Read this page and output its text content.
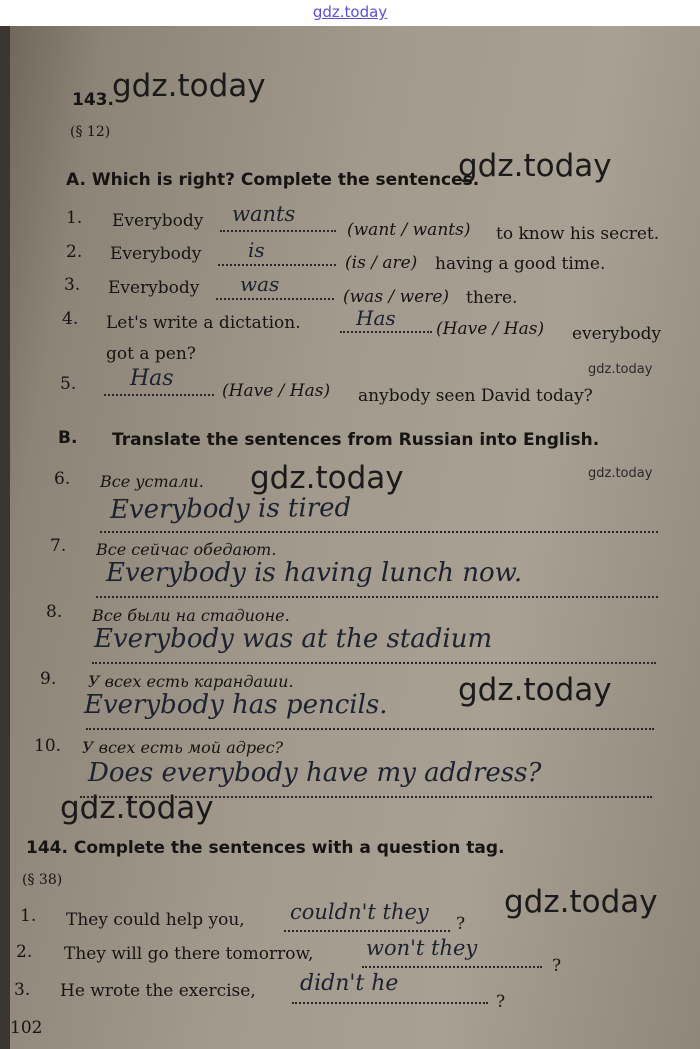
gdz.today
143.
gdz.today
(§ 12)
gdz.today
A. Which is right? Complete the sentences.
1. Everybody wants
(want / wants) to know his secret.
2. Everybody is
(is / are) having a good time.
3. Everybody was
(was / were) there.
4. Let's write a dictation.	Has (Have / Has) everybody
got a pen?
gdz.today
5. Has	(Have / Has) anybody seen David today?
B. Translate the sentences from Russian into English.
gdz.today
6. Все устали. gdz.today
Everybody is tired
7. Все сейчас обедают.
Everybody is having lunch now.
8. Все были на стадионе.
Everybody was at the stadium
9. У всех есть карандаши.	gdz.today
Everybody has pencils.
10. У всех есть мой адрес?
Does everybody have my address?
gdz.today
144. Complete the sentences with a question tag.
(§ 38)
gdz.today
1. They could help you, couldn't they ?
2. They will go there tomorrow,	won't they
?
3. He wrote the exercise, didn't he
?
102
